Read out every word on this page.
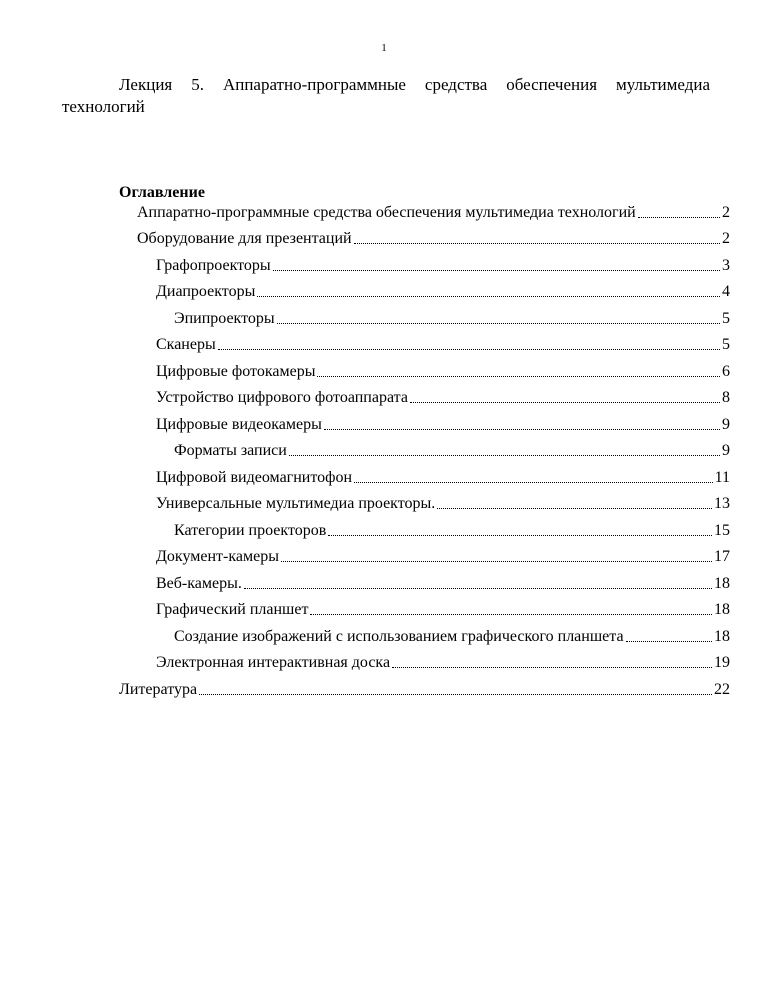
1
Лекция 5. Аппаратно-программные средства обеспечения мультимедиа технологий
Оглавление
Аппаратно-программные средства обеспечения мультимедиа технологий	2
Оборудование для презентаций	2
Графопроекторы	3
Диапроекторы	4
Эпипроекторы	5
Сканеры	5
Цифровые фотокамеры	6
Устройство цифрового фотоаппарата	8
Цифровые видеокамеры	9
Форматы записи	9
Цифровой видеомагнитофон	11
Универсальные мультимедиа проекторы.	13
Категории проекторов	15
Документ-камеры	17
Веб-камеры.	18
Графический планшет	18
Создание изображений с использованием графического планшета	18
Электронная интерактивная доска	19
Литература	22
